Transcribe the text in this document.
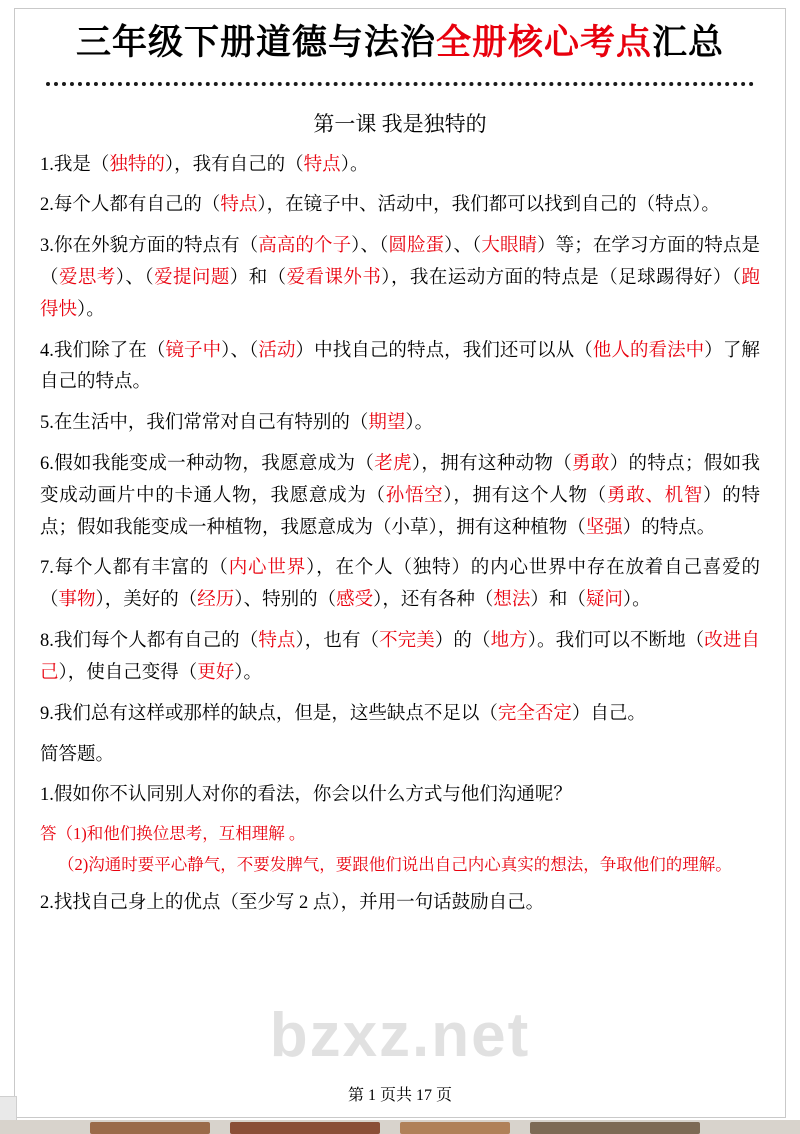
三年级下册道德与法治全册核心考点汇总
第一课 我是独特的

1.我是（独特的），我有自己的（特点）。

2.每个人都有自己的（特点），在镜子中、活动中，我们都可以找到自己的（特点）。

3.你在外貌方面的特点有（高高的个子）、（圆脸蛋）、（大眼睛）等；在学习方面的特点是（爱思考）、（爱提问题）和（爱看课外书），我在运动方面的特点是（足球踢得好）（跑得快）。

4.我们除了在（镜子中）、（活动）中找自己的特点，我们还可以从（他人的看法中）了解自己的特点。

5.在生活中，我们常常对自己有特别的（期望）。

6.假如我能变成一种动物，我愿意成为（老虎），拥有这种动物（勇敢）的特点；假如我变成动画片中的卡通人物，我愿意成为（孙悟空），拥有这个人物（勇敢、机智）的特点；假如我能变成一种植物，我愿意成为（小草），拥有这种植物（坚强）的特点。

7.每个人都有丰富的（内心世界），在个人（独特）的内心世界中存在放着自己喜爱的（事物），美好的（经历）、特别的（感受），还有各种（想法）和（疑问）。

8.我们每个人都有自己的（特点），也有（不完美）的（地方）。我们可以不断地（改进自己），使自己变得（更好）。

9.我们总有这样或那样的缺点，但是，这些缺点不足以（完全否定）自己。

简答题。

1.假如你不认同别人对你的看法，你会以什么方式与他们沟通呢？

答（1)和他们换位思考，互相理解 。

（2)沟通时要平心静气，不要发脾气，要跟他们说出自己内心真实的想法，争取他们的理解。

2.找找自己身上的优点（至少写 2 点），并用一句话鼓励自己。

bzxz.net
第 1 页共 17 页
